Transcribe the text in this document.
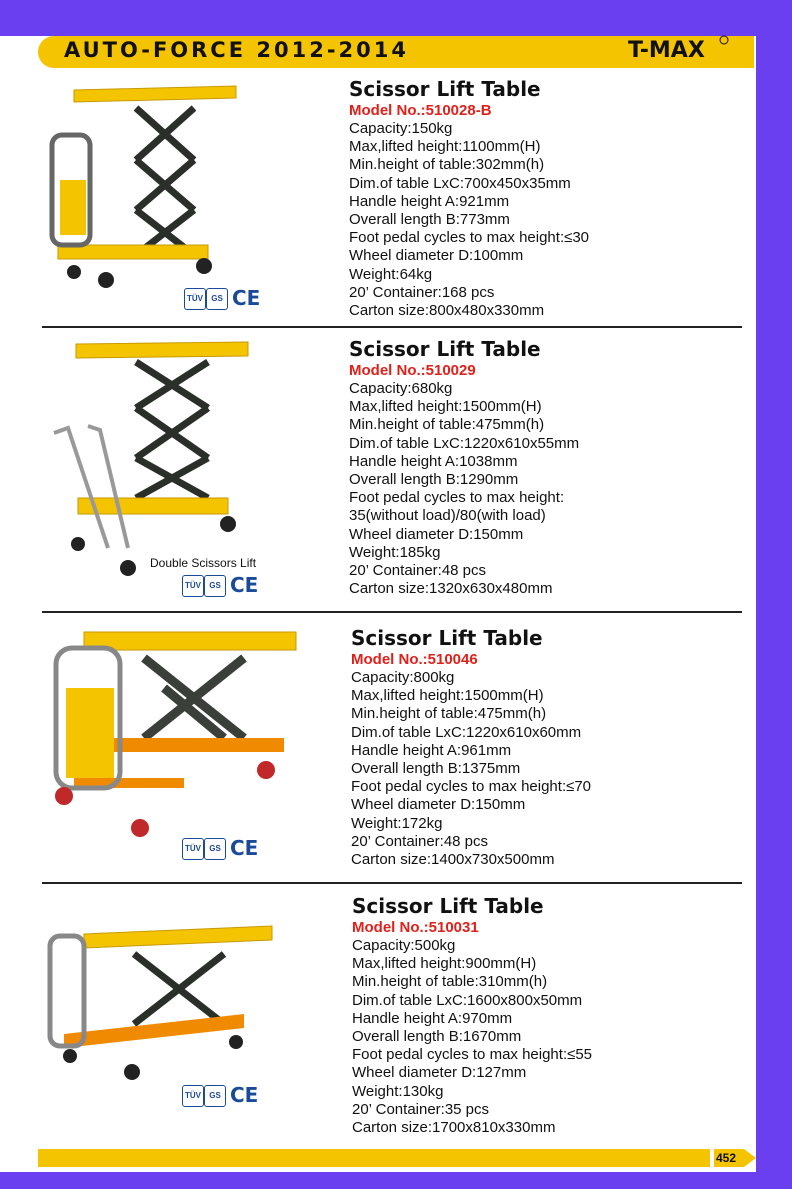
AUTO-FORCE 2012-2014	T-MAX
TÜV	GS CE
Scissor Lift Table
Model No.:510028-B
Capacity:150kg
Max,lifted height:1100mm(H)
Min.height of table:302mm(h)
Dim.of table LxC:700x450x35mm
Handle height A:921mm
Overall length B:773mm
Foot pedal cycles to max height:≤30
Wheel diameter D:100mm
Weight:64kg
20’ Container:168 pcs
Carton size:800x480x330mm
Double Scissors Lift
TÜV	GS CE
Scissor Lift Table
Model No.:510029
Capacity:680kg
Max,lifted height:1500mm(H)
Min.height of table:475mm(h)
Dim.of table LxC:1220x610x55mm
Handle height A:1038mm
Overall length B:1290mm
Foot pedal cycles to max height:
35(without load)/80(with load)
Wheel diameter D:150mm
Weight:185kg
20’ Container:48 pcs
Carton size:1320x630x480mm
TÜV	GS CE
Scissor Lift Table
Model No.:510046
Capacity:800kg
Max,lifted height:1500mm(H)
Min.height of table:475mm(h)
Dim.of table LxC:1220x610x60mm
Handle height A:961mm
Overall length B:1375mm
Foot pedal cycles to max height:≤70
Wheel diameter D:150mm
Weight:172kg
20’ Container:48 pcs
Carton size:1400x730x500mm
TÜV	GS CE
Scissor Lift Table
Model No.:510031
Capacity:500kg
Max,lifted height:900mm(H)
Min.height of table:310mm(h)
Dim.of table LxC:1600x800x50mm
Handle height A:970mm
Overall length B:1670mm
Foot pedal cycles to max height:≤55
Wheel diameter D:127mm
Weight:130kg
20’ Container:35 pcs
Carton size:1700x810x330mm
452
